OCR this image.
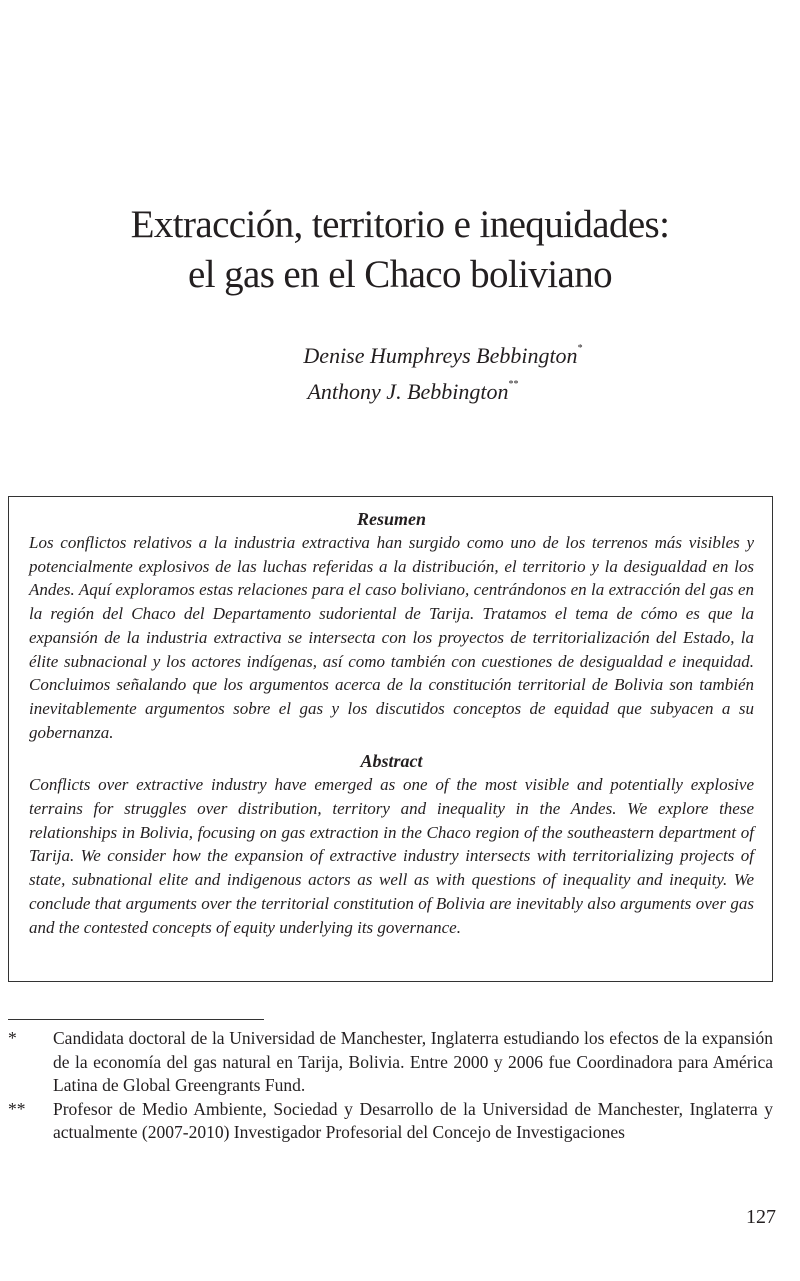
Extracción, territorio e inequidades:
el gas en el Chaco boliviano
Denise Humphreys Bebbington*
Anthony J. Bebbington**
Resumen

Los conflictos relativos a la industria extractiva han surgido como uno de los terrenos más visibles y potencialmente explosivos de las luchas referidas a la distribución, el territorio y la desigualdad en los Andes. Aquí exploramos estas relaciones para el caso boliviano, centrándonos en la extracción del gas en la región del Chaco del Departamento sudoriental de Tarija. Tratamos el tema de cómo es que la expansión de la industria extractiva se intersecta con los proyectos de territorialización del Estado, la élite subnacional y los actores indígenas, así como también con cuestiones de desigualdad e inequidad. Concluimos señalando que los argumentos acerca de la constitución territorial de Bolivia son también inevitablemente argumentos sobre el gas y los discutidos conceptos de equidad que subyacen a su gobernanza.

Abstract

Conflicts over extractive industry have emerged as one of the most visible and potentially explosive terrains for struggles over distribution, territory and inequality in the Andes. We explore these relationships in Bolivia, focusing on gas extraction in the Chaco region of the southeastern department of Tarija. We consider how the expansion of extractive industry intersects with territorializing projects of state, subnational elite and indigenous actors as well as with questions of inequality and inequity. We conclude that arguments over the territorial constitution of Bolivia are inevitably also arguments over gas and the contested concepts of equity underlying its governance.

*	Candidata doctoral de la Universidad de Manchester, Inglaterra estudiando los efectos de la expansión de la economía del gas natural en Tarija, Bolivia. Entre 2000 y 2006 fue Coordinadora para América Latina de Global Greengrants Fund.
**	Profesor de Medio Ambiente, Sociedad y Desarrollo de la Universidad de Manchester, Inglaterra y actualmente (2007-2010) Investigador Profesorial del Concejo de Investigaciones
127
